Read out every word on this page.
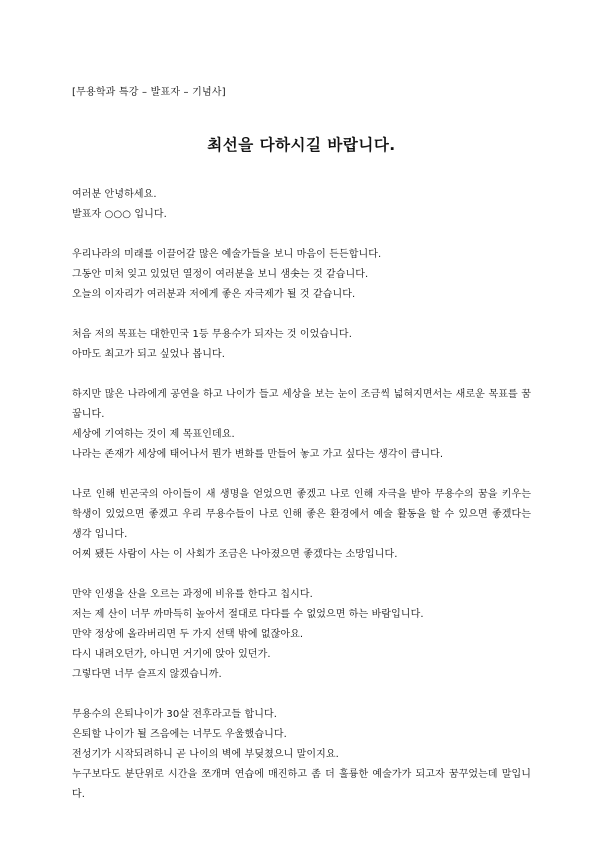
[무용학과 특강 – 발표자 – 기념사]

최선을 다하시길 바랍니다.

여러분 안녕하세요.

발표자 ○○○ 입니다.

우리나라의 미래를 이끌어갈 많은 예술가들을 보니 마음이 든든합니다.

그동안 미처 잊고 있었던 열정이 여러분을 보니 샘솟는 것 같습니다.

오늘의 이자리가 여러분과 저에게 좋은 자극제가 될 것 같습니다.

처음 저의 목표는 대한민국 1등 무용수가 되자는 것 이었습니다.

아마도 최고가 되고 싶었나 봅니다.

하지만 많은 나라에게 공연을 하고 나이가 들고 세상을 보는 눈이 조금씩 넓혀지면서는 새로운 목표를 꿈꿉니다.

세상에 기여하는 것이 제 목표인데요.

나라는 존재가 세상에 태어나서 뭔가 변화를 만들어 놓고 가고 싶다는 생각이 큽니다.

나로 인해 빈곤국의 아이들이 새 생명을 얻었으면 좋겠고 나로 인해 자극을 받아 무용수의 꿈을 키우는 학생이 있었으면 좋겠고 우리 무용수들이 나로 인해 좋은 환경에서 예술 활동을 할 수 있으면 좋겠다는 생각 입니다.

어찌 됐든 사람이 사는 이 사회가 조금은 나아졌으면 좋겠다는 소망입니다.

만약 인생을 산을 오르는 과정에 비유를 한다고 칩시다.

저는 제 산이 너무 까마득히 높아서 절대로 다다를 수 없었으면 하는 바람입니다.

만약 정상에 올라버리면 두 가지 선택 밖에 없잖아요.

다시 내려오던가, 아니면 거기에 앉아 있던가.

그렇다면 너무 슬프지 않겠습니까.

무용수의 은퇴나이가 30살 전후라고들 합니다.

은퇴할 나이가 될 즈음에는 너무도 우울했습니다.

전성기가 시작되려하니 곧 나이의 벽에 부딪쳤으니 말이지요.

누구보다도 분단위로 시간을 쪼개며 연습에 매진하고 좀 더 훌륭한 예술가가 되고자 꿈꾸었는데 말입니다.
